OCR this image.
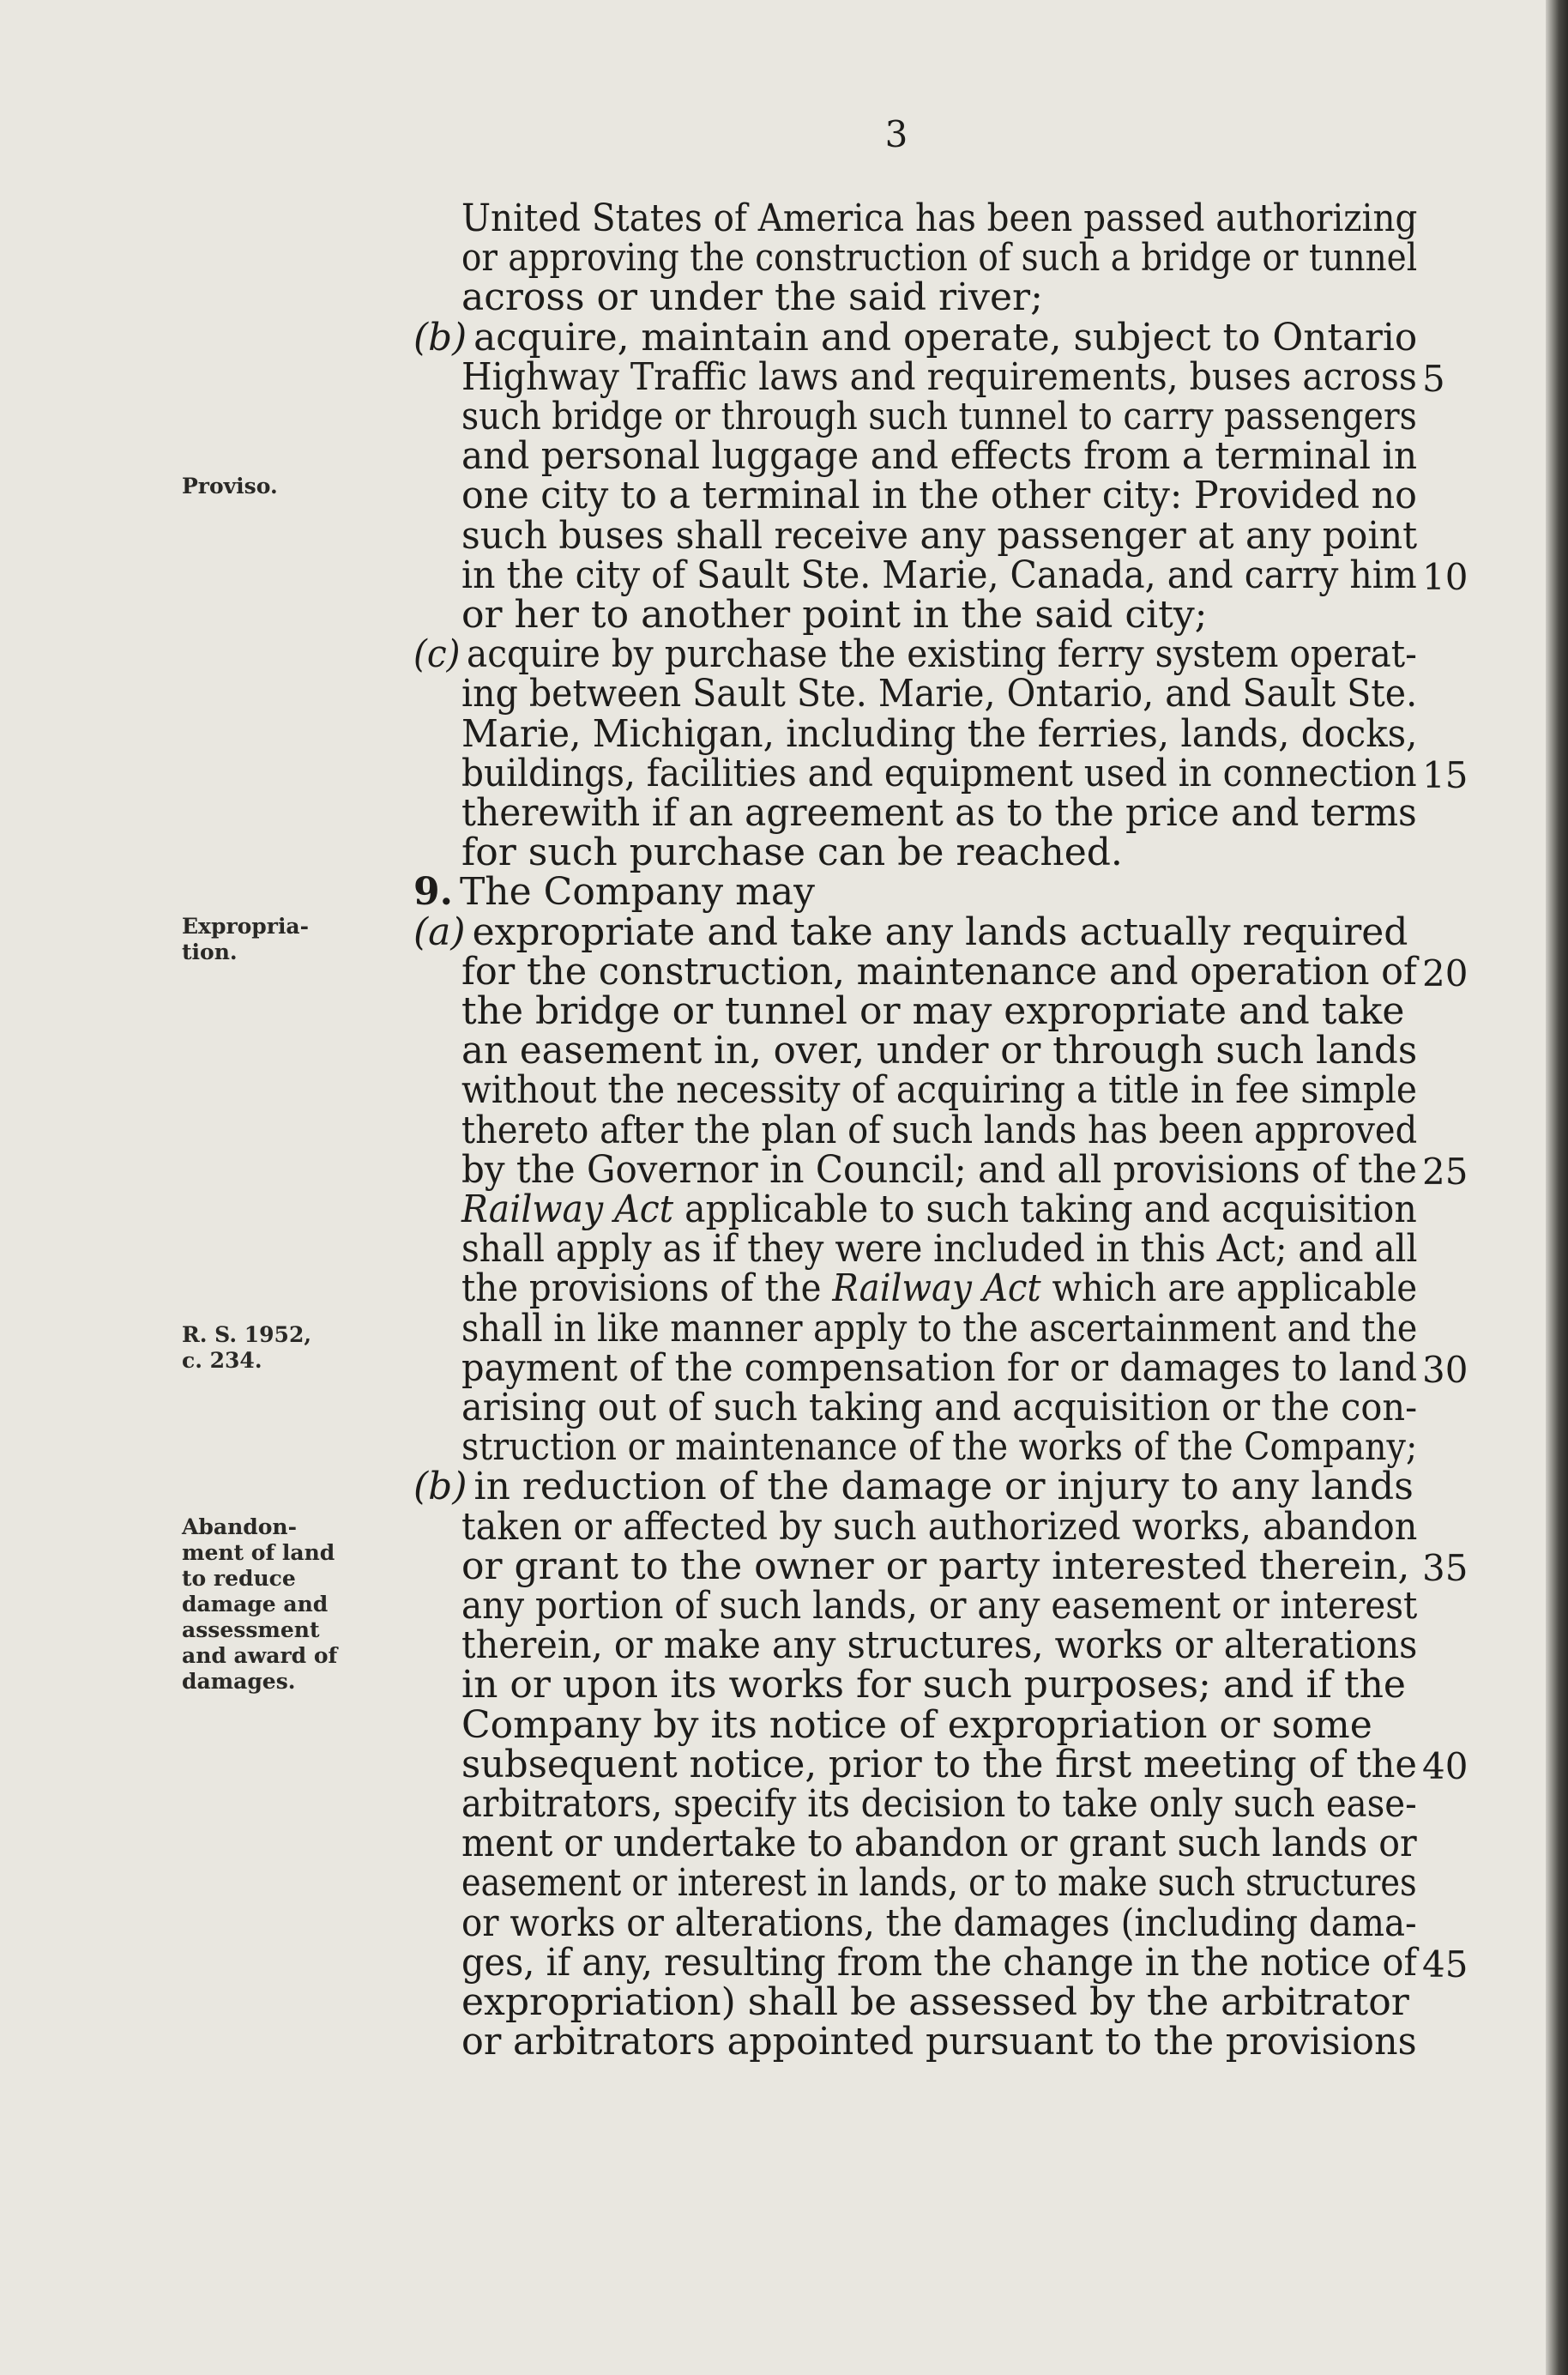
3
Proviso.
Expropria-
tion.
R. S. 1952,
c. 234.
Abandon-
ment of land
to reduce
damage and
assessment
and award of
damages.
United States of America has been passed authorizing
or approving the construction of such a bridge or tunnel
across or under the said river;
(b) acquire, maintain and operate, subject to Ontario
Highway Traffic laws and requirements, buses across 5
such bridge or through such tunnel to carry passengers
and personal luggage and effects from a terminal in
one city to a terminal in the other city: Provided no
such buses shall receive any passenger at any point
in the city of Sault Ste. Marie, Canada, and carry him 10
or her to another point in the said city;
(c) acquire by purchase the existing ferry system operat-
ing between Sault Ste. Marie, Ontario, and Sault Ste.
Marie, Michigan, including the ferries, lands, docks,
buildings, facilities and equipment used in connection 15
therewith if an agreement as to the price and terms
for such purchase can be reached.
9. The Company may
(a) expropriate and take any lands actually required
for the construction, maintenance and operation of 20
the bridge or tunnel or may expropriate and take
an easement in, over, under or through such lands
without the necessity of acquiring a title in fee simple
thereto after the plan of such lands has been approved
by the Governor in Council; and all provisions of the 25
Railway Act applicable to such taking and acquisition
shall apply as if they were included in this Act; and all
the provisions of the Railway Act which are applicable
shall in like manner apply to the ascertainment and the
payment of the compensation for or damages to land 30
arising out of such taking and acquisition or the con-
struction or maintenance of the works of the Company;
(b) in reduction of the damage or injury to any lands
taken or affected by such authorized works, abandon
or grant to the owner or party interested therein, 35
any portion of such lands, or any easement or interest
therein, or make any structures, works or alterations
in or upon its works for such purposes; and if the
Company by its notice of expropriation or some
subsequent notice, prior to the first meeting of the 40
arbitrators, specify its decision to take only such ease-
ment or undertake to abandon or grant such lands or
easement or interest in lands, or to make such structures
or works or alterations, the damages (including dama-
ges, if any, resulting from the change in the notice of 45
expropriation) shall be assessed by the arbitrator
or arbitrators appointed pursuant to the provisions
